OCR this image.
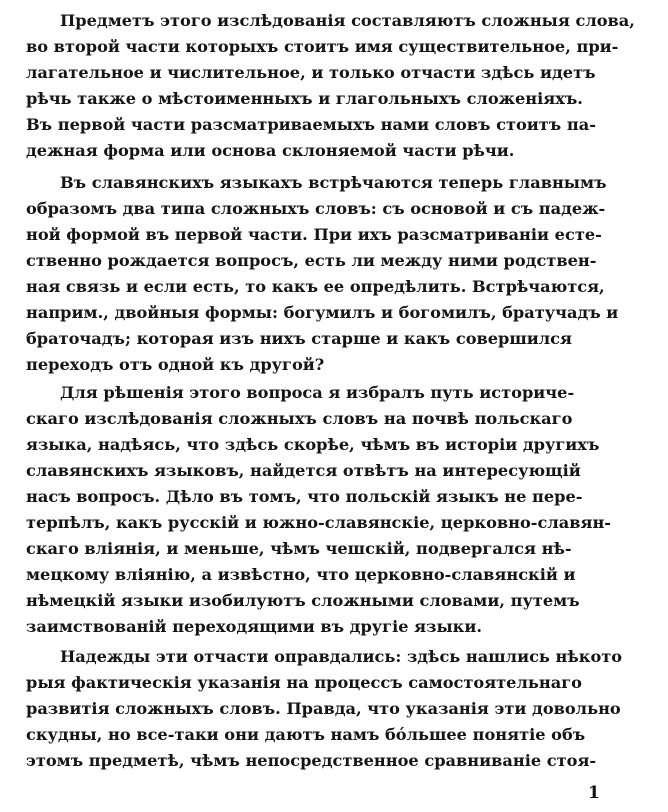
Предметъ этого изслѣдованія составляютъ сложныя слова,
во второй части которыхъ стоитъ имя существительное, при-
лагательное и числительное, и только отчасти здѣсь идетъ
рѣчь также о мѣстоименныхъ и глагольныхъ сложеніяхъ.
Въ первой части разсматриваемыхъ нами словъ стоитъ па-
дежная форма или основа склоняемой части рѣчи.
Въ славянскихъ языкахъ встрѣчаются теперь главнымъ
образомъ два типа сложныхъ словъ: съ основой и съ падеж-
ной формой въ первой части. При ихъ разсматриваніи есте-
ственно рождается вопросъ, есть ли между ними родствен-
ная связь и если есть, то какъ ее опредѣлить. Встрѣчаются,
наприм., двойныя формы: богумилъ и богомилъ, братучадъ и
браточадъ; которая изъ нихъ старше и какъ совершился
переходъ отъ одной къ другой?
Для рѣшенія этого вопроса я избралъ путь историче-
скаго изслѣдованія сложныхъ словъ на почвѣ польскаго
языка, надѣясь, что здѣсь скорѣе, чѣмъ въ исторіи другихъ
славянскихъ языковъ, найдется отвѣтъ на интересующій
насъ вопросъ. Дѣло въ томъ, что польскій языкъ не пере-
терпѣлъ, какъ русскій и южно-славянскіе, церковно-славян-
скаго вліянія, и меньше, чѣмъ чешскій, подвергался нѣ-
мецкому вліянію, а извѣстно, что церковно-славянскій и
нѣмецкій языки изобилуютъ сложными словами, путемъ
заимствованій переходящими въ другіе языки.
Надежды эти отчасти оправдались: здѣсь нашлись нѣкото
рыя фактическія указанія на процессъ самостоятельнаго
развитія сложныхъ словъ. Правда, что указанія эти довольно
скудны, но все-таки они даютъ намъ бóльшее понятіе объ
этомъ предметѣ, чѣмъ непосредственное сравниваніе стоя-
1
